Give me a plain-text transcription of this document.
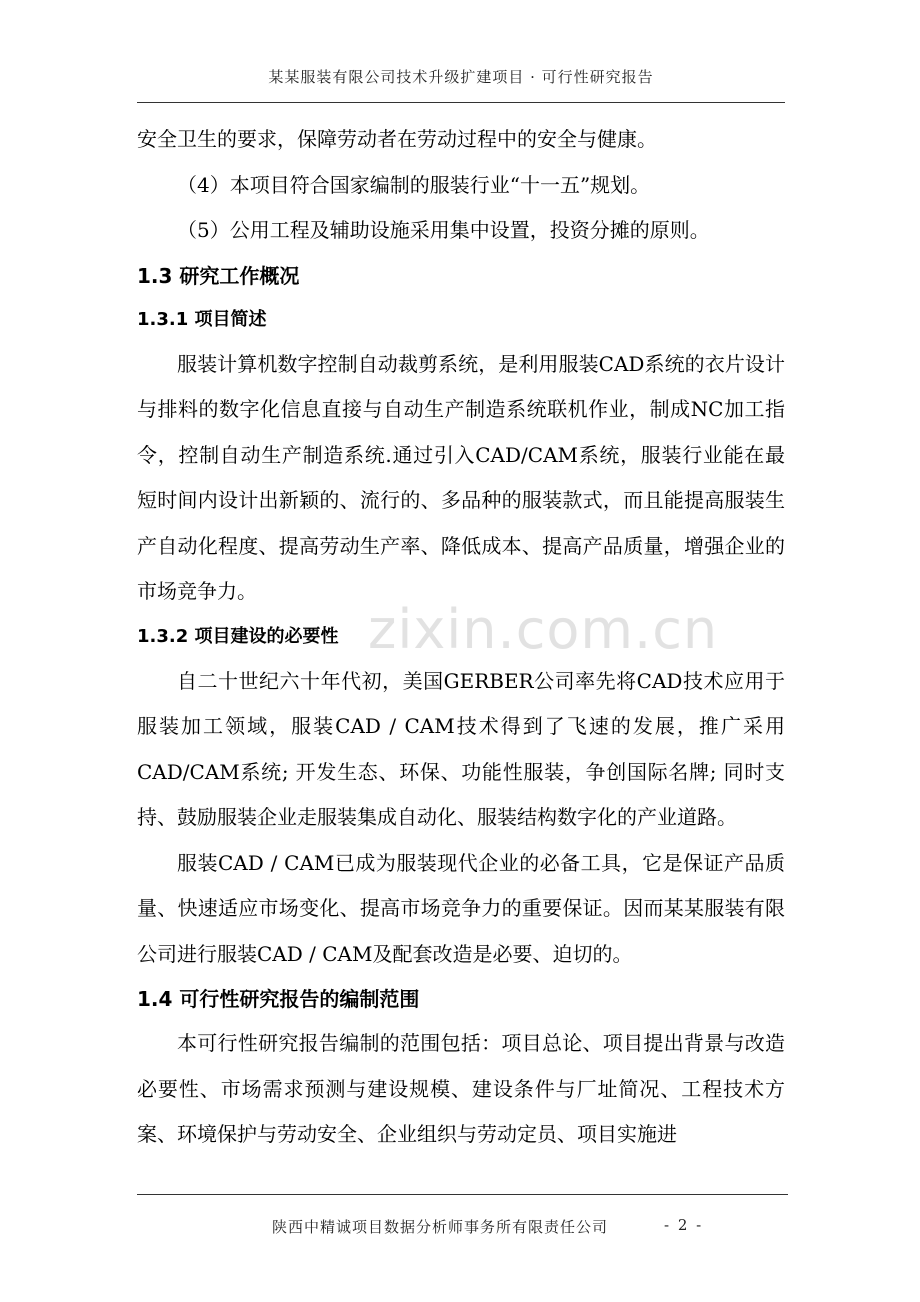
某某服装有限公司技术升级扩建项目 · 可行性研究报告
zixin.com.cn

安全卫生的要求，保障劳动者在劳动过程中的安全与健康。

（4）本项目符合国家编制的服装行业“十一五”规划。

（5）公用工程及辅助设施采用集中设置，投资分摊的原则。

1.3 研究工作概况
1.3.1 项目简述

服装计算机数字控制自动裁剪系统，是利用服装CAD系统的衣片设计与排料的数字化信息直接与自动生产制造系统联机作业，制成NC加工指令，控制自动生产制造系统.通过引入CAD/CAM系统，服装行业能在最短时间内设计出新颖的、流行的、多品种的服装款式，而且能提高服装生产自动化程度、提高劳动生产率、降低成本、提高产品质量，增强企业的市场竞争力。

1.3.2 项目建设的必要性

自二十世纪六十年代初，美国GERBER公司率先将CAD技术应用于服装加工领域，服装CAD / CAM技术得到了飞速的发展，推广采用CAD/CAM系统; 开发生态、环保、功能性服装，争创国际名牌; 同时支持、鼓励服装企业走服装集成自动化、服装结构数字化的产业道路。

服装CAD / CAM已成为服装现代企业的必备工具，它是保证产品质量、快速适应市场变化、提高市场竞争力的重要保证。因而某某服装有限公司进行服装CAD / CAM及配套改造是必要、迫切的。

1.4 可行性研究报告的编制范围

本可行性研究报告编制的范围包括：项目总论、项目提出背景与改造必要性、市场需求预测与建设规模、建设条件与厂址简况、工程技术方案、环境保护与劳动安全、企业组织与劳动定员、项目实施进

陕西中精诚项目数据分析师事务所有限责任公司	- 2 -
